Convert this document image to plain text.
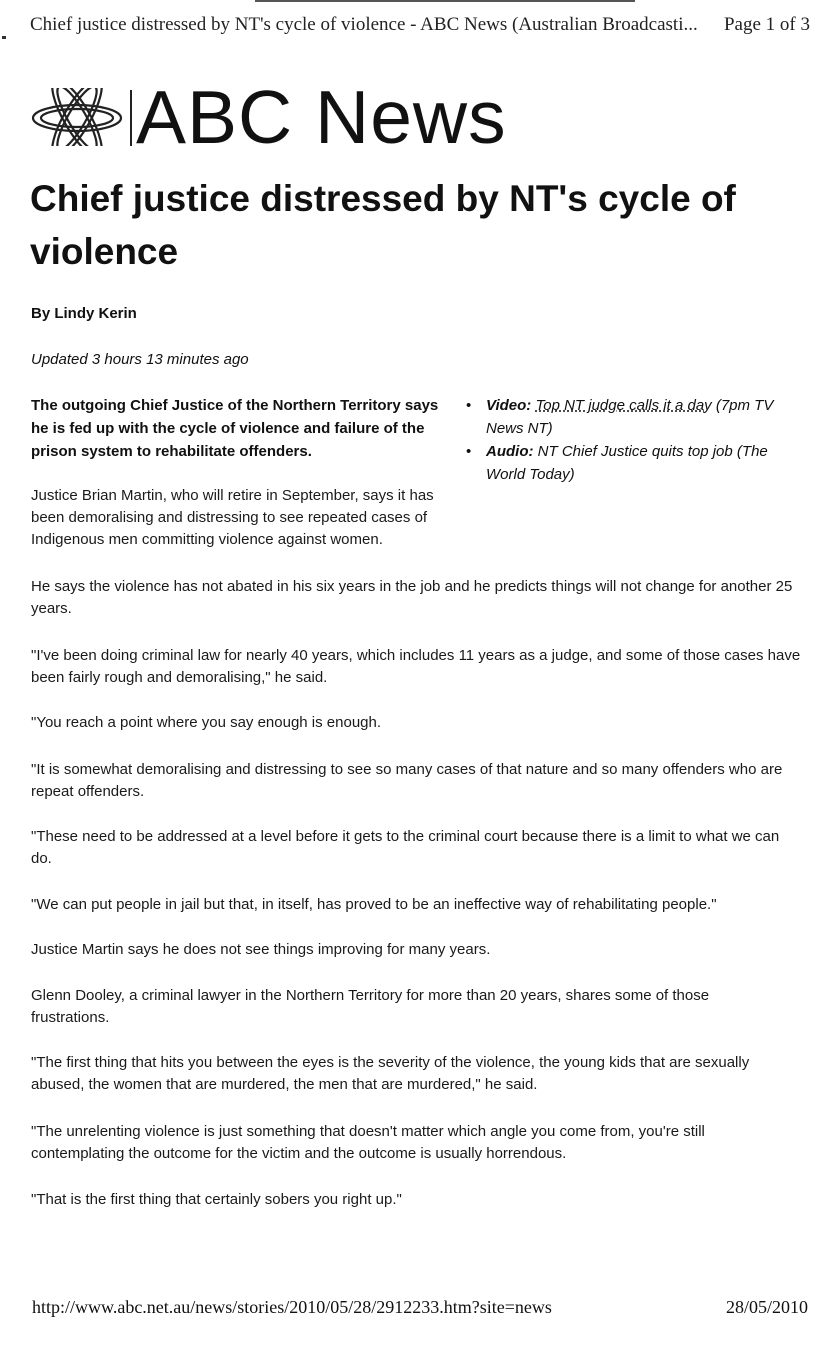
Chief justice distressed by NT's cycle of violence - ABC News (Australian Broadcasti... Page 1 of 3
ABC News
Chief justice distressed by NT's cycle of violence
By Lindy Kerin
Updated 3 hours 13 minutes ago

The outgoing Chief Justice of the Northern Territory says he is fed up with the cycle of violence and failure of the prison system to rehabilitate offenders.

• Video: Top NT judge calls it a day (7pm TV News NT)
• Audio: NT Chief Justice quits top job (The World Today)

Justice Brian Martin, who will retire in September, says it has been demoralising and distressing to see repeated cases of Indigenous men committing violence against women.

He says the violence has not abated in his six years in the job and he predicts things will not change for another 25 years.

"I've been doing criminal law for nearly 40 years, which includes 11 years as a judge, and some of those cases have been fairly rough and demoralising," he said.

"You reach a point where you say enough is enough.

"It is somewhat demoralising and distressing to see so many cases of that nature and so many offenders who are repeat offenders.

"These need to be addressed at a level before it gets to the criminal court because there is a limit to what we can do.

"We can put people in jail but that, in itself, has proved to be an ineffective way of rehabilitating people."

Justice Martin says he does not see things improving for many years.

Glenn Dooley, a criminal lawyer in the Northern Territory for more than 20 years, shares some of those frustrations.

"The first thing that hits you between the eyes is the severity of the violence, the young kids that are sexually abused, the women that are murdered, the men that are murdered," he said.

"The unrelenting violence is just something that doesn't matter which angle you come from, you're still contemplating the outcome for the victim and the outcome is usually horrendous.

"That is the first thing that certainly sobers you right up."

http://www.abc.net.au/news/stories/2010/05/28/2912233.htm?site=news	28/05/2010
